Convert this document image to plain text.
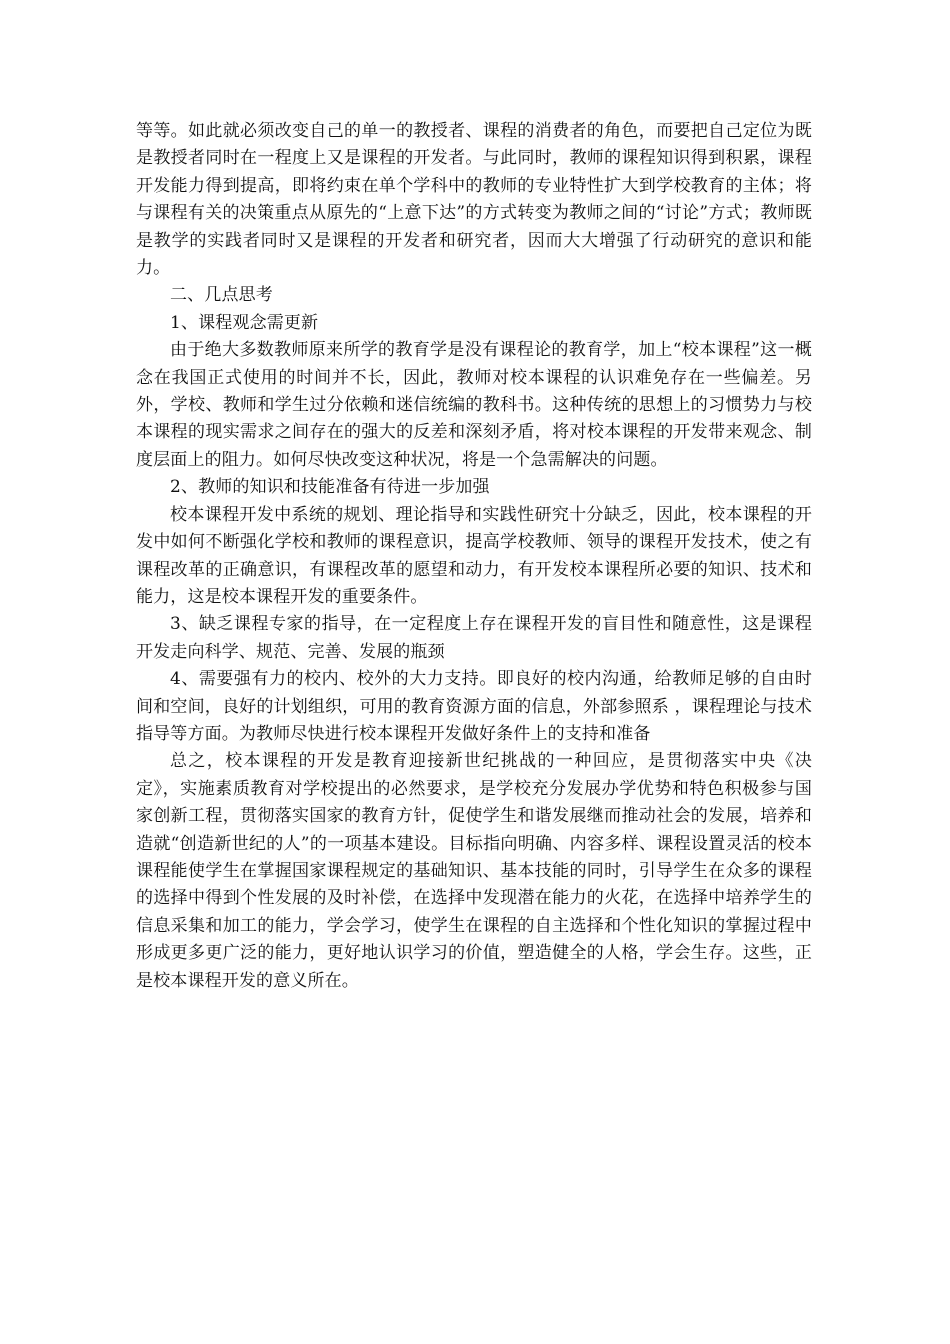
等等。如此就必须改变自己的单一的教授者、课程的消费者的角色，而要把自己定位为既是教授者同时在一程度上又是课程的开发者。与此同时，教师的课程知识得到积累，课程开发能力得到提高，即将约束在单个学科中的教师的专业特性扩大到学校教育的主体；将与课程有关的决策重点从原先的“上意下达”的方式转变为教师之间的“讨论”方式；教师既是教学的实践者同时又是课程的开发者和研究者，因而大大增强了行动研究的意识和能力。

二、几点思考

1、课程观念需更新

由于绝大多数教师原来所学的教育学是没有课程论的教育学，加上“校本课程”这一概念在我国正式使用的时间并不长，因此，教师对校本课程的认识难免存在一些偏差。另外，学校、教师和学生过分依赖和迷信统编的教科书。这种传统的思想上的习惯势力与校本课程的现实需求之间存在的强大的反差和深刻矛盾，将对校本课程的开发带来观念、制度层面上的阻力。如何尽快改变这种状况，将是一个急需解决的问题。

2、教师的知识和技能准备有待进一步加强

校本课程开发中系统的规划、理论指导和实践性研究十分缺乏，因此，校本课程的开发中如何不断强化学校和教师的课程意识，提高学校教师、领导的课程开发技术，使之有课程改革的正确意识，有课程改革的愿望和动力，有开发校本课程所必要的知识、技术和能力，这是校本课程开发的重要条件。

3、缺乏课程专家的指导，在一定程度上存在课程开发的盲目性和随意性，这是课程开发走向科学、规范、完善、发展的瓶颈

4、需要强有力的校内、校外的大力支持。即良好的校内沟通，给教师足够的自由时间和空间，良好的计划组织，可用的教育资源方面的信息，外部参照系 ，课程理论与技术指导等方面。为教师尽快进行校本课程开发做好条件上的支持和准备

总之，校本课程的开发是教育迎接新世纪挑战的一种回应，是贯彻落实中央《决定》，实施素质教育对学校提出的必然要求，是学校充分发展办学优势和特色积极参与国家创新工程，贯彻落实国家的教育方针，促使学生和谐发展继而推动社会的发展，培养和造就“创造新世纪的人”的一项基本建设。目标指向明确、内容多样、课程设置灵活的校本课程能使学生在掌握国家课程规定的基础知识、基本技能的同时，引导学生在众多的课程的选择中得到个性发展的及时补偿，在选择中发现潜在能力的火花，在选择中培养学生的信息采集和加工的能力，学会学习，使学生在课程的自主选择和个性化知识的掌握过程中形成更多更广泛的能力，更好地认识学习的价值，塑造健全的人格，学会生存。这些，正是校本课程开发的意义所在。
